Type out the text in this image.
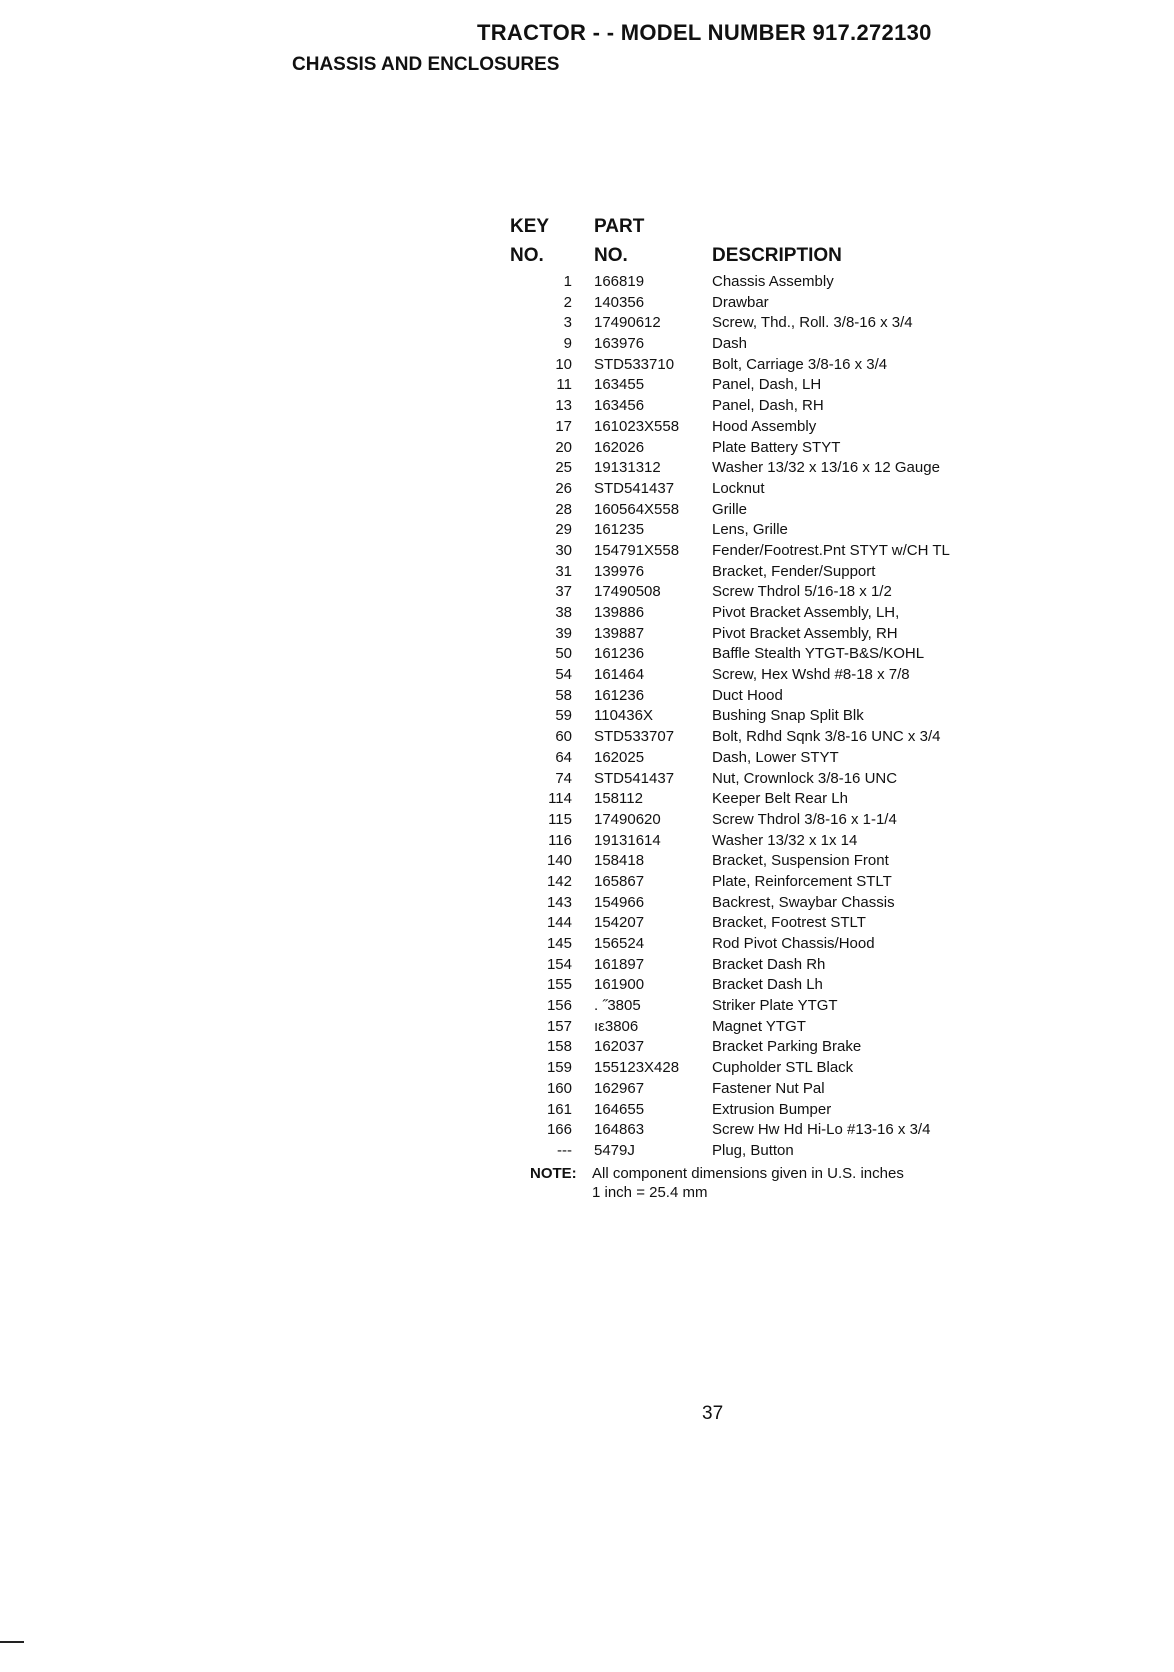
TRACTOR - - MODEL NUMBER 917.272130
CHASSIS AND ENCLOSURES
KEY
NO.
PART
NO.	DESCRIPTION
1 166819	Chassis Assembly
2 140356	Drawbar
3 17490612	Screw, Thd., Roll. 3/8-16 x 3/4
9 163976	Dash
10 STD533710	Bolt, Carriage 3/8-16 x 3/4
11 163455	Panel, Dash, LH
13 163456	Panel, Dash, RH
17 161023X558 Hood Assembly
20 162026	Plate Battery STYT
25 19131312	Washer 13/32 x 13/16 x 12 Gauge
26 STD541437	Locknut
28 160564X558 Grille
29 161235	Lens, Grille
30 154791X558 Fender/Footrest.Pnt STYT w/CH TL
31 139976	Bracket, Fender/Support
37 17490508	Screw Thdrol 5/16-18 x 1/2
38 139886	Pivot Bracket Assembly, LH,
39 139887	Pivot Bracket Assembly, RH
50 161236	Baffle Stealth YTGT-B&S/KOHL
54 161464	Screw, Hex Wshd #8-18 x 7/8
58 161236	Duct Hood
59 110436X	Bushing Snap Split Blk
60 STD533707	Bolt, Rdhd Sqnk 3/8-16 UNC x 3/4
64 162025	Dash, Lower STYT
74 STD541437	Nut, Crownlock 3/8-16 UNC
114 158112	Keeper Belt Rear Lh
115 17490620	Screw Thdrol 3/8-16 x 1-1/4
116 19131614	Washer 13/32 x 1x 14
140 158418	Bracket, Suspension Front
142 165867	Plate, Reinforcement STLT
143 154966	Backrest, Swaybar Chassis
144 154207	Bracket, Footrest STLT
145 156524	Rod Pivot Chassis/Hood
154 161897	Bracket Dash Rh
155 161900	Bracket Dash Lh
156 . ˝3805	Striker Plate YTGT
157 ıε3806	Magnet YTGT
158 162037	Bracket Parking Brake
159 155123X428 Cupholder STL Black
160 162967	Fastener Nut Pal
161 164655	Extrusion Bumper
166 164863	Screw Hw Hd Hi-Lo #13-16 x 3/4
--- 5479J	Plug, Button
NOTE: All component dimensions given in U.S. inches
1 inch = 25.4 mm
37
